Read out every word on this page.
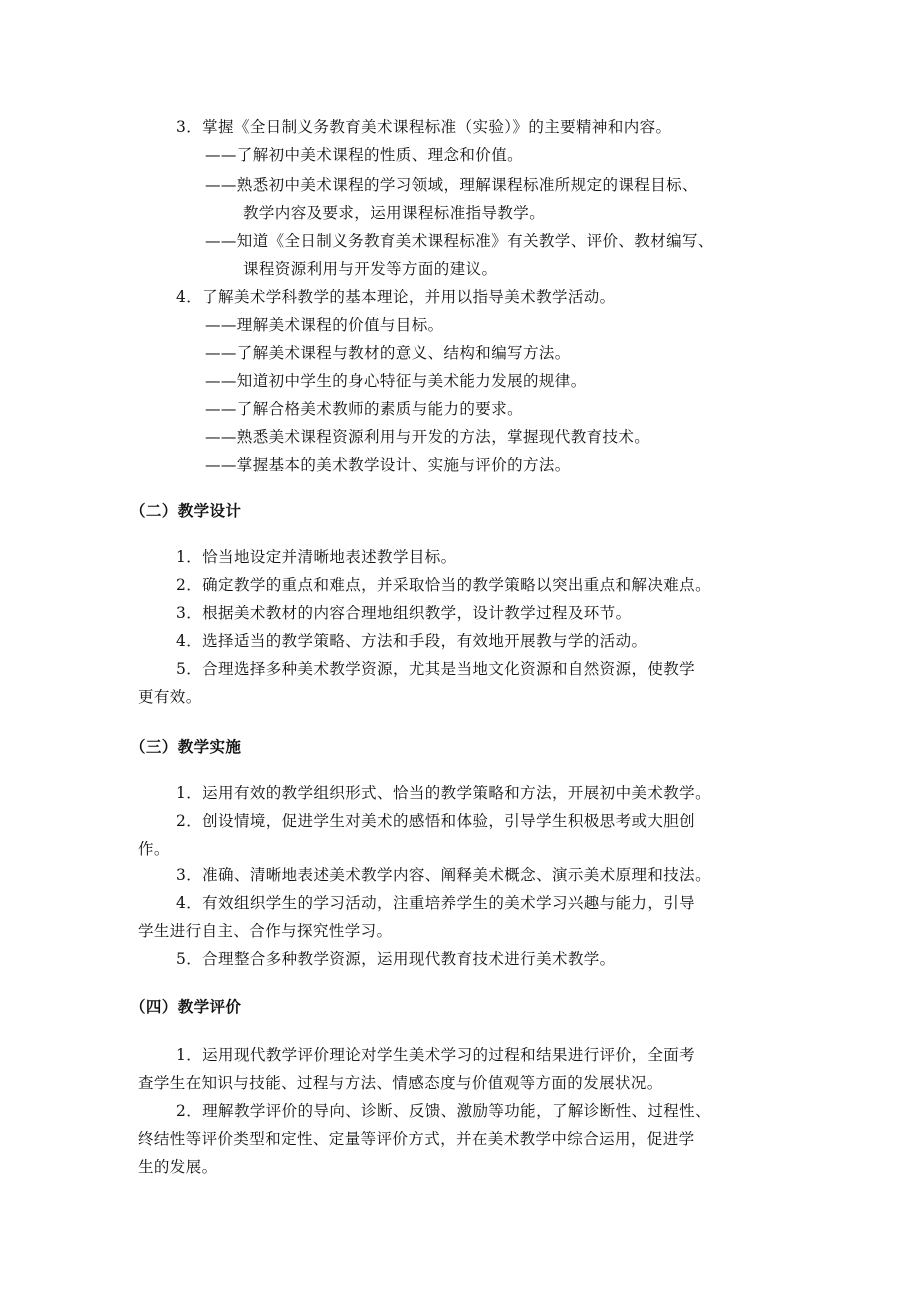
3．掌握《全日制义务教育美术课程标准（实验）》的主要精神和内容。
——了解初中美术课程的性质、理念和价值。
——熟悉初中美术课程的学习领域，理解课程标准所规定的课程目标、
教学内容及要求，运用课程标准指导教学。
——知道《全日制义务教育美术课程标准》有关教学、评价、教材编写、
课程资源利用与开发等方面的建议。
4．了解美术学科教学的基本理论，并用以指导美术教学活动。
——理解美术课程的价值与目标。
——了解美术课程与教材的意义、结构和编写方法。
——知道初中学生的身心特征与美术能力发展的规律。
——了解合格美术教师的素质与能力的要求。
——熟悉美术课程资源利用与开发的方法，掌握现代教育技术。
——掌握基本的美术教学设计、实施与评价的方法。
（二）教学设计
1．恰当地设定并清晰地表述教学目标。
2．确定教学的重点和难点，并采取恰当的教学策略以突出重点和解决难点。
3．根据美术教材的内容合理地组织教学，设计教学过程及环节。
4．选择适当的教学策略、方法和手段，有效地开展教与学的活动。
5．合理选择多种美术教学资源，尤其是当地文化资源和自然资源，使教学
更有效。
（三）教学实施
1．运用有效的教学组织形式、恰当的教学策略和方法，开展初中美术教学。
2．创设情境，促进学生对美术的感悟和体验，引导学生积极思考或大胆创
作。
3．准确、清晰地表述美术教学内容、阐释美术概念、演示美术原理和技法。
4．有效组织学生的学习活动，注重培养学生的美术学习兴趣与能力，引导
学生进行自主、合作与探究性学习。
5．合理整合多种教学资源，运用现代教育技术进行美术教学。
（四）教学评价
1．运用现代教学评价理论对学生美术学习的过程和结果进行评价，全面考
查学生在知识与技能、过程与方法、情感态度与价值观等方面的发展状况。
2．理解教学评价的导向、诊断、反馈、激励等功能，了解诊断性、过程性、
终结性等评价类型和定性、定量等评价方式，并在美术教学中综合运用，促进学
生的发展。
